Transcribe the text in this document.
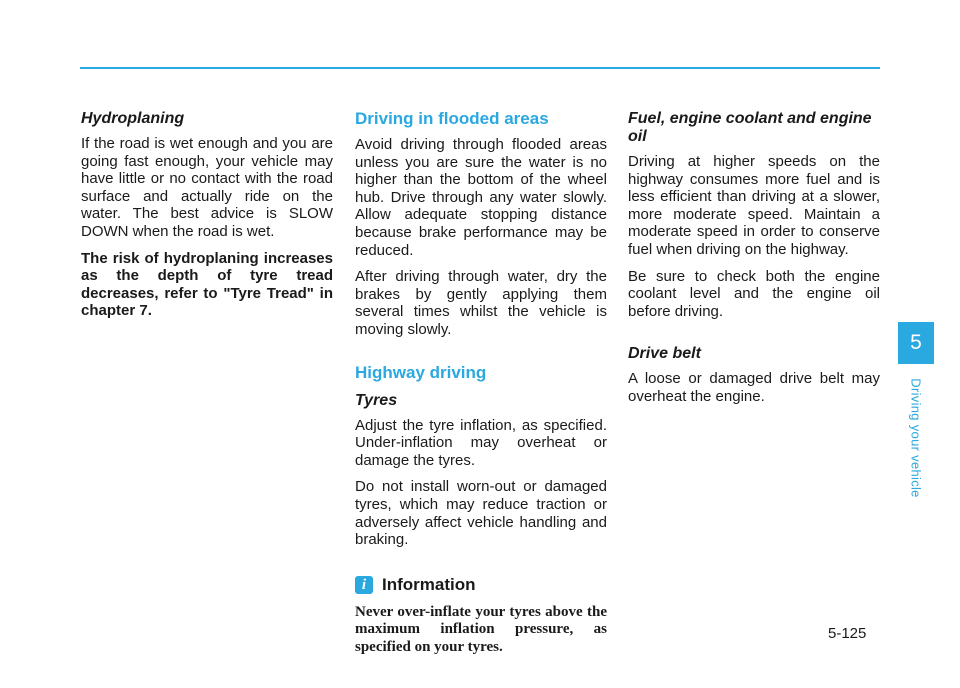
Hydroplaning

If the road is wet enough and you are going fast enough, your vehicle may have little or no contact with the road surface and actually ride on the water. The best advice is SLOW DOWN when the road is wet.

The risk of hydroplaning increases as the depth of tyre tread decreases, refer to "Tyre Tread" in chapter 7.

Driving in flooded areas

Avoid driving through flooded areas unless you are sure the water is no higher than the bottom of the wheel hub. Drive through any water slowly. Allow adequate stopping distance because brake performance may be reduced.

After driving through water, dry the brakes by gently applying them several times whilst the vehicle is moving slowly.

Highway driving
Tyres

Adjust the tyre inflation, as specified. Under-inflation may overheat or damage the tyres.

Do not install worn-out or damaged tyres, which may reduce traction or adversely affect vehicle handling and braking.

i Information

Never over-inflate your tyres above the maximum inflation pressure, as specified on your tyres.

Fuel, engine coolant and engine oil

Driving at higher speeds on the highway consumes more fuel and is less efficient than driving at a slower, more moderate speed. Maintain a moderate speed in order to conserve fuel when driving on the highway.

Be sure to check both the engine coolant level and the engine oil before driving.

Drive belt

A loose or damaged drive belt may overheat the engine.

5
Driving your vehicle
5-125
